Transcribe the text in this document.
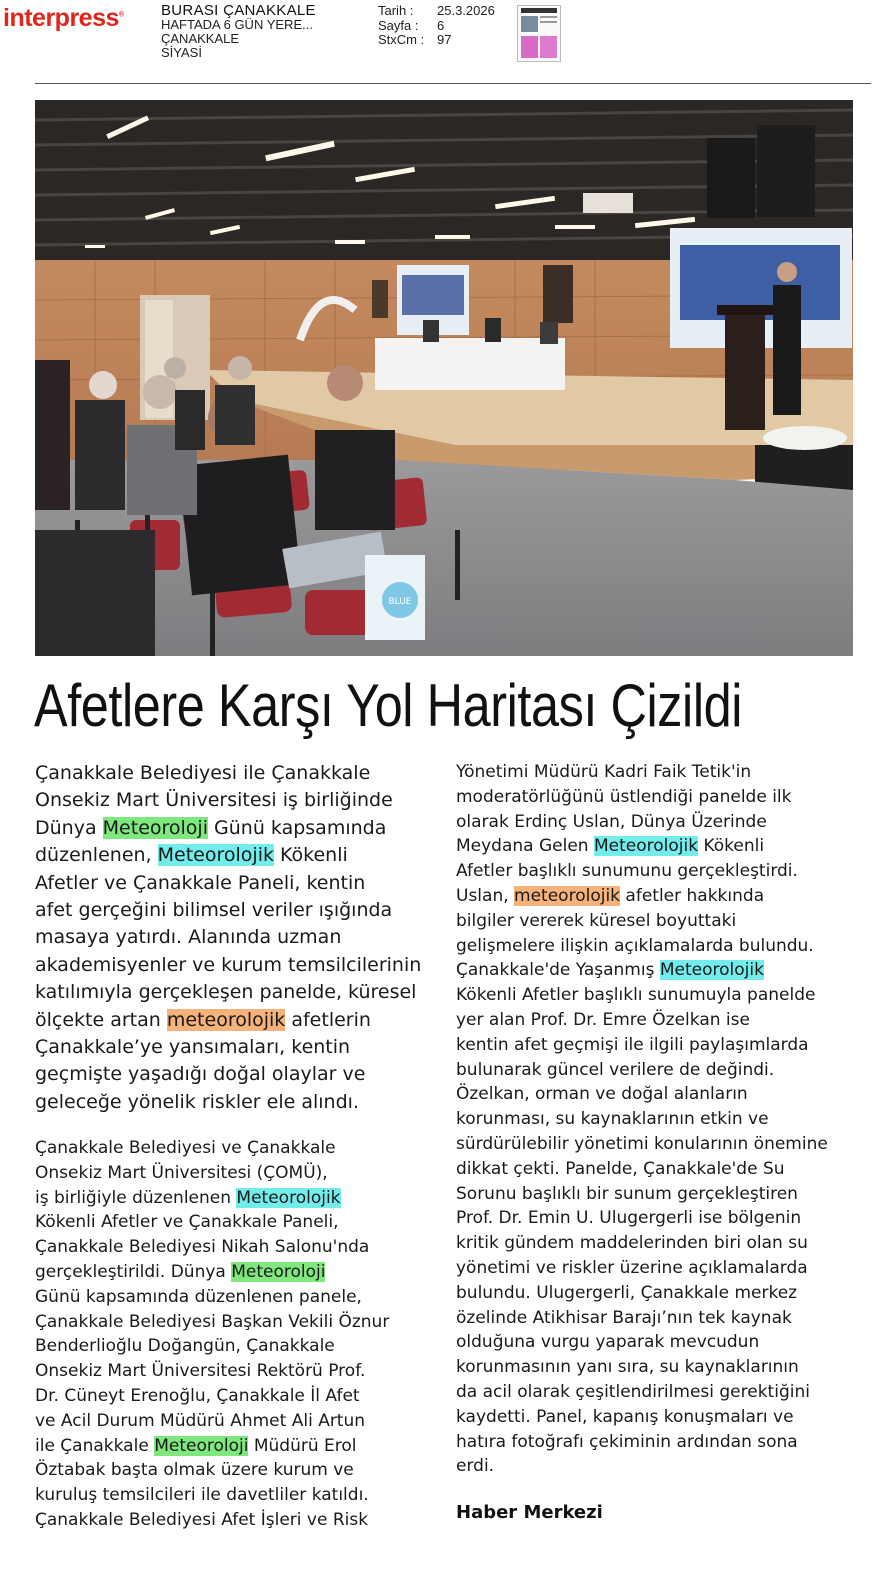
interpress® BURASI ÇANAKKALE
HAFTADA 6 GÜN YERE...
ÇANAKKALE
SİYASİ
Tarih :	25.3.2026
Sayfa :	6
StxCm : 97
BLUE
Afetlere Karşı Yol Haritası Çizildi
Çanakkale Belediyesi ile Çanakkale
Onsekiz Mart Üniversitesi iş birliğinde
Dünya Meteoroloji Günü kapsamında
düzenlenen, Meteorolojik Kökenli
Afetler ve Çanakkale Paneli, kentin
afet gerçeğini bilimsel veriler ışığında
masaya yatırdı. Alanında uzman
akademisyenler ve kurum temsilcilerinin
katılımıyla gerçekleşen panelde, küresel
ölçekte artan meteorolojik afetlerin
Çanakkale’ye yansımaları, kentin
geçmişte yaşadığı doğal olaylar ve
geleceğe yönelik riskler ele alındı.
Çanakkale Belediyesi ve Çanakkale
Onsekiz Mart Üniversitesi (ÇOMÜ),
iş birliğiyle düzenlenen Meteorolojik
Kökenli Afetler ve Çanakkale Paneli,
Çanakkale Belediyesi Nikah Salonu'nda
gerçekleştirildi. Dünya Meteoroloji
Günü kapsamında düzenlenen panele,
Çanakkale Belediyesi Başkan Vekili Öznur
Benderlioğlu Doğangün, Çanakkale
Onsekiz Mart Üniversitesi Rektörü Prof.
Dr. Cüneyt Erenoğlu, Çanakkale İl Afet
ve Acil Durum Müdürü Ahmet Ali Artun
ile Çanakkale Meteoroloji Müdürü Erol
Öztabak başta olmak üzere kurum ve
kuruluş temsilcileri ile davetliler katıldı.
Çanakkale Belediyesi Afet İşleri ve Risk
Yönetimi Müdürü Kadri Faik Tetik'in
moderatörlüğünü üstlendiği panelde ilk
olarak Erdinç Uslan, Dünya Üzerinde
Meydana Gelen Meteorolojik Kökenli
Afetler başlıklı sunumunu gerçekleştirdi.
Uslan, meteorolojik afetler hakkında
bilgiler vererek küresel boyuttaki
gelişmelere ilişkin açıklamalarda bulundu.
Çanakkale'de Yaşanmış Meteorolojik
Kökenli Afetler başlıklı sunumuyla panelde
yer alan Prof. Dr. Emre Özelkan ise
kentin afet geçmişi ile ilgili paylaşımlarda
bulunarak güncel verilere de değindi.
Özelkan, orman ve doğal alanların
korunması, su kaynaklarının etkin ve
sürdürülebilir yönetimi konularının önemine
dikkat çekti. Panelde, Çanakkale'de Su
Sorunu başlıklı bir sunum gerçekleştiren
Prof. Dr. Emin U. Ulugergerli ise bölgenin
kritik gündem maddelerinden biri olan su
yönetimi ve riskler üzerine açıklamalarda
bulundu. Ulugergerli, Çanakkale merkez
özelinde Atikhisar Barajı’nın tek kaynak
olduğuna vurgu yaparak mevcudun
korunmasının yanı sıra, su kaynaklarının
da acil olarak çeşitlendirilmesi gerektiğini
kaydetti. Panel, kapanış konuşmaları ve
hatıra fotoğrafı çekiminin ardından sona
erdi.
Haber Merkezi
